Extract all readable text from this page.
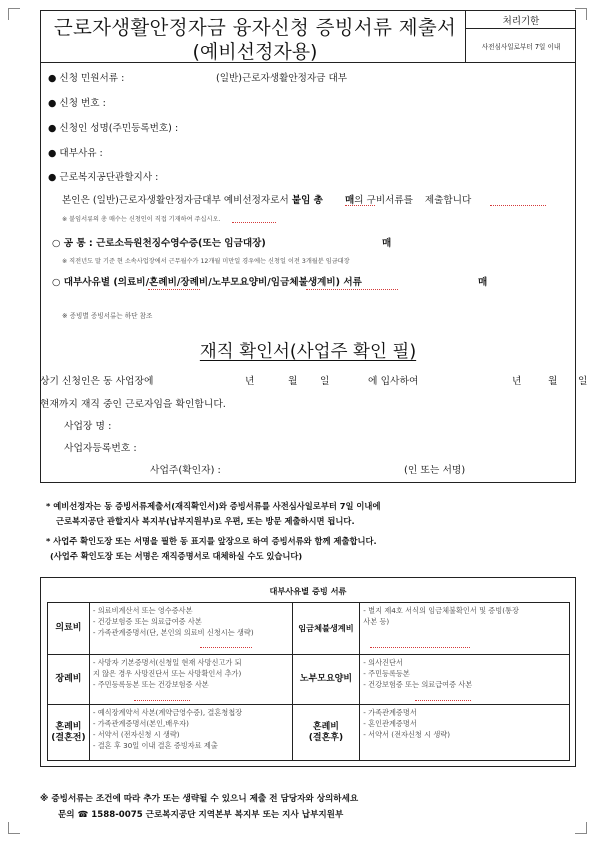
근로자생활안정자금 융자신청 증빙서류 제출서
(예비선정자용)
처리기한
사전심사일로부터 7일 이내
● 신청 민원서류 :	(일반)근로자생활안정자금 대부
● 신청 번호 :
● 신청인 성명(주민등록번호) :
● 대부사유 :
● 근로복지공단관할지사 :
본인은 (일반)근로자생활안정자금대부 예비선정자로서 붙임 총 매의 구비서류를 제출합니다
※ 붙임서류의 총 매수는 신청인이 직접 기재하여 주십시오.
○ 공 통 : 근로소득원천징수영수증(또는 임금대장)	매
※ 직전년도 말 기준 현 소속사업장에서 근무월수가 12개월 미만일 경우에는 신청일 이전 3개월분 임금대장
○ 대부사유별 (의료비/혼례비/장례비/노부모요양비/임금체불생계비) 서류	매
※ 증빙별 증빙서류는 하단 참조
재직 확인서(사업주 확인 필)
상기 신청인은 동 사업장에	년	월 일	에 입사하여	년	월 일
현재까지 재직 중인 근로자임을 확인합니다.
사업장 명 :
사업자등록번호 :
사업주(확인자) :	(인 또는 서명)
* 예비선정자는 동 증빙서류제출서(재직확인서)와 증빙서류를 사전심사일로부터 7일 이내에
근로복지공단 관할지사 복지부(납부지원부)로 우편, 또는 방문 제출하시면 됩니다.
* 사업주 확인도장 또는 서명을 필한 동 표지를 앞장으로 하여 증빙서류와 함께 제출합니다.
(사업주 확인도장 또는 서명은 재직증명서로 대체하실 수도 있습니다)
대부사유별 증빙 서류
의료비	- 의료비계산서 또는 영수증사본
- 건강보험증 또는 의료급여증 사본
- 가족관계증명서(단, 본인의 의료비 신청시는 생략)	임금체불생계비	- 별지 제4호 서식의 임금체불확인서 및 증빙(통장
사본 등)

장례비	- 사망자 기본증명서(신청일 현재 사망신고가 되
지 않은 경우 사망진단서 또는 사망확인서 추가)
- 주민등록등본 또는 건강보험증 사본	노부모요양비	- 의사진단서
- 주민등록등본
- 건강보험증 또는 의료급여증 사본

혼례비
(결혼전)	- 예식장계약서 사본(계약금영수증), 결혼청첩장
- 가족관계증명서(본인,배우자)
- 서약서 (전자신청 시 생략)
- 결혼 후 30일 이내 결혼 증빙자료 제출	혼례비
(결혼후)	- 가족관계증명서
- 혼인관계증명서
- 서약서 (전자신청 시 생략)
※ 증빙서류는 조건에 따라 추가 또는 생략될 수 있으니 제출 전 담당자와 상의하세요
문의 ☎ 1588-0075 근로복지공단 지역본부 복지부 또는 지사 납부지원부
